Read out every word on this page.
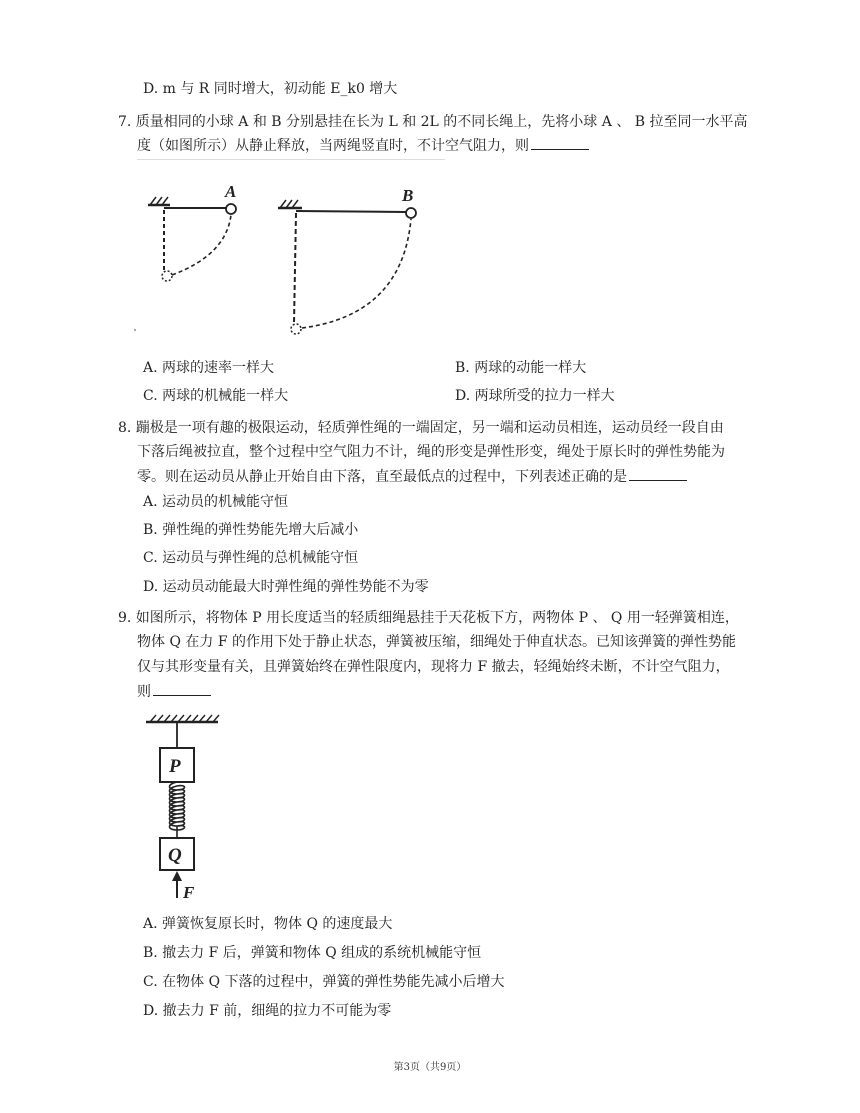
D. m 与 R 同时增大，初动能 E_k0 增大
7. 质量相同的小球 A 和 B 分别悬挂在长为 L 和 2L 的不同长绳上，先将小球 A 、 B 拉至同一水平高
度（如图所示）从静止释放，当两绳竖直时，不计空气阻力，则
A	B
A. 两球的速率一样大	B. 两球的动能一样大
C. 两球的机械能一样大	D. 两球所受的拉力一样大
8. 蹦极是一项有趣的极限运动，轻质弹性绳的一端固定，另一端和运动员相连，运动员经一段自由
下落后绳被拉直，整个过程中空气阻力不计，绳的形变是弹性形变，绳处于原长时的弹性势能为
零。则在运动员从静止开始自由下落，直至最低点的过程中，下列表述正确的是
A. 运动员的机械能守恒
B. 弹性绳的弹性势能先增大后减小
C. 运动员与弹性绳的总机械能守恒
D. 运动员动能最大时弹性绳的弹性势能不为零
9. 如图所示，将物体 P 用长度适当的轻质细绳悬挂于天花板下方，两物体 P 、 Q 用一轻弹簧相连，
物体 Q 在力 F 的作用下处于静止状态，弹簧被压缩，细绳处于伸直状态。已知该弹簧的弹性势能
仅与其形变量有关，且弹簧始终在弹性限度内，现将力 F 撤去，轻绳始终未断，不计空气阻力，
则
P
Q
F
A. 弹簧恢复原长时，物体 Q 的速度最大
B. 撤去力 F 后，弹簧和物体 Q 组成的系统机械能守恒
C. 在物体 Q 下落的过程中，弹簧的弹性势能先减小后增大
D. 撤去力 F 前，细绳的拉力不可能为零
第3页（共9页）
